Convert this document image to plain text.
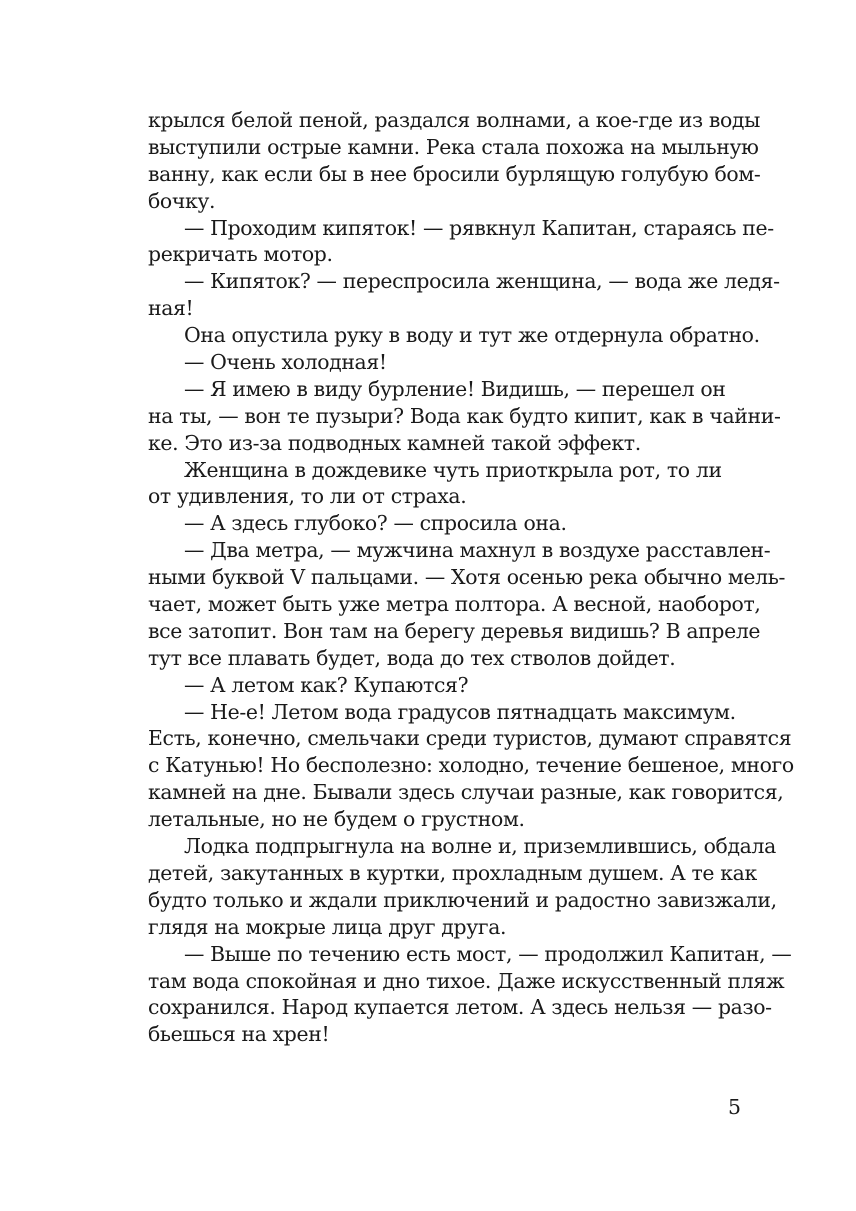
крылся белой пеной, раздался волнами, а кое-где из воды
выступили острые камни. Река стала похожа на мыльную
ванну, как если бы в нее бросили бурлящую голубую бом-
бочку.
— Проходим кипяток! — рявкнул Капитан, стараясь пе-
рекричать мотор.
— Кипяток? — переспросила женщина, — вода же ледя-
ная!
Она опустила руку в воду и тут же отдернула обратно.
— Очень холодная!
— Я имею в виду бурление! Видишь, — перешел он
на ты, — вон те пузыри? Вода как будто кипит, как в чайни-
ке. Это из-за подводных камней такой эффект.
Женщина в дождевике чуть приоткрыла рот, то ли
от удивления, то ли от страха.
— А здесь глубоко? — спросила она.
— Два метра, — мужчина махнул в воздухе расставлен-
ными буквой V пальцами. — Хотя осенью река обычно мель-
чает, может быть уже метра полтора. А весной, наоборот,
все затопит. Вон там на берегу деревья видишь? В апреле
тут все плавать будет, вода до тех стволов дойдет.
— А летом как? Купаются?
— Не-е! Летом вода градусов пятнадцать максимум.
Есть, конечно, смельчаки среди туристов, думают справятся
с Катунью! Но бесполезно: холодно, течение бешеное, много
камней на дне. Бывали здесь случаи разные, как говорится,
летальные, но не будем о грустном.
Лодка подпрыгнула на волне и, приземлившись, обдала
детей, закутанных в куртки, прохладным душем. А те как
будто только и ждали приключений и радостно завизжали,
глядя на мокрые лица друг друга.
— Выше по течению есть мост, — продолжил Капитан, —
там вода спокойная и дно тихое. Даже искусственный пляж
сохранился. Народ купается летом. А здесь нельзя — разо-
бьешься на хрен!
5
